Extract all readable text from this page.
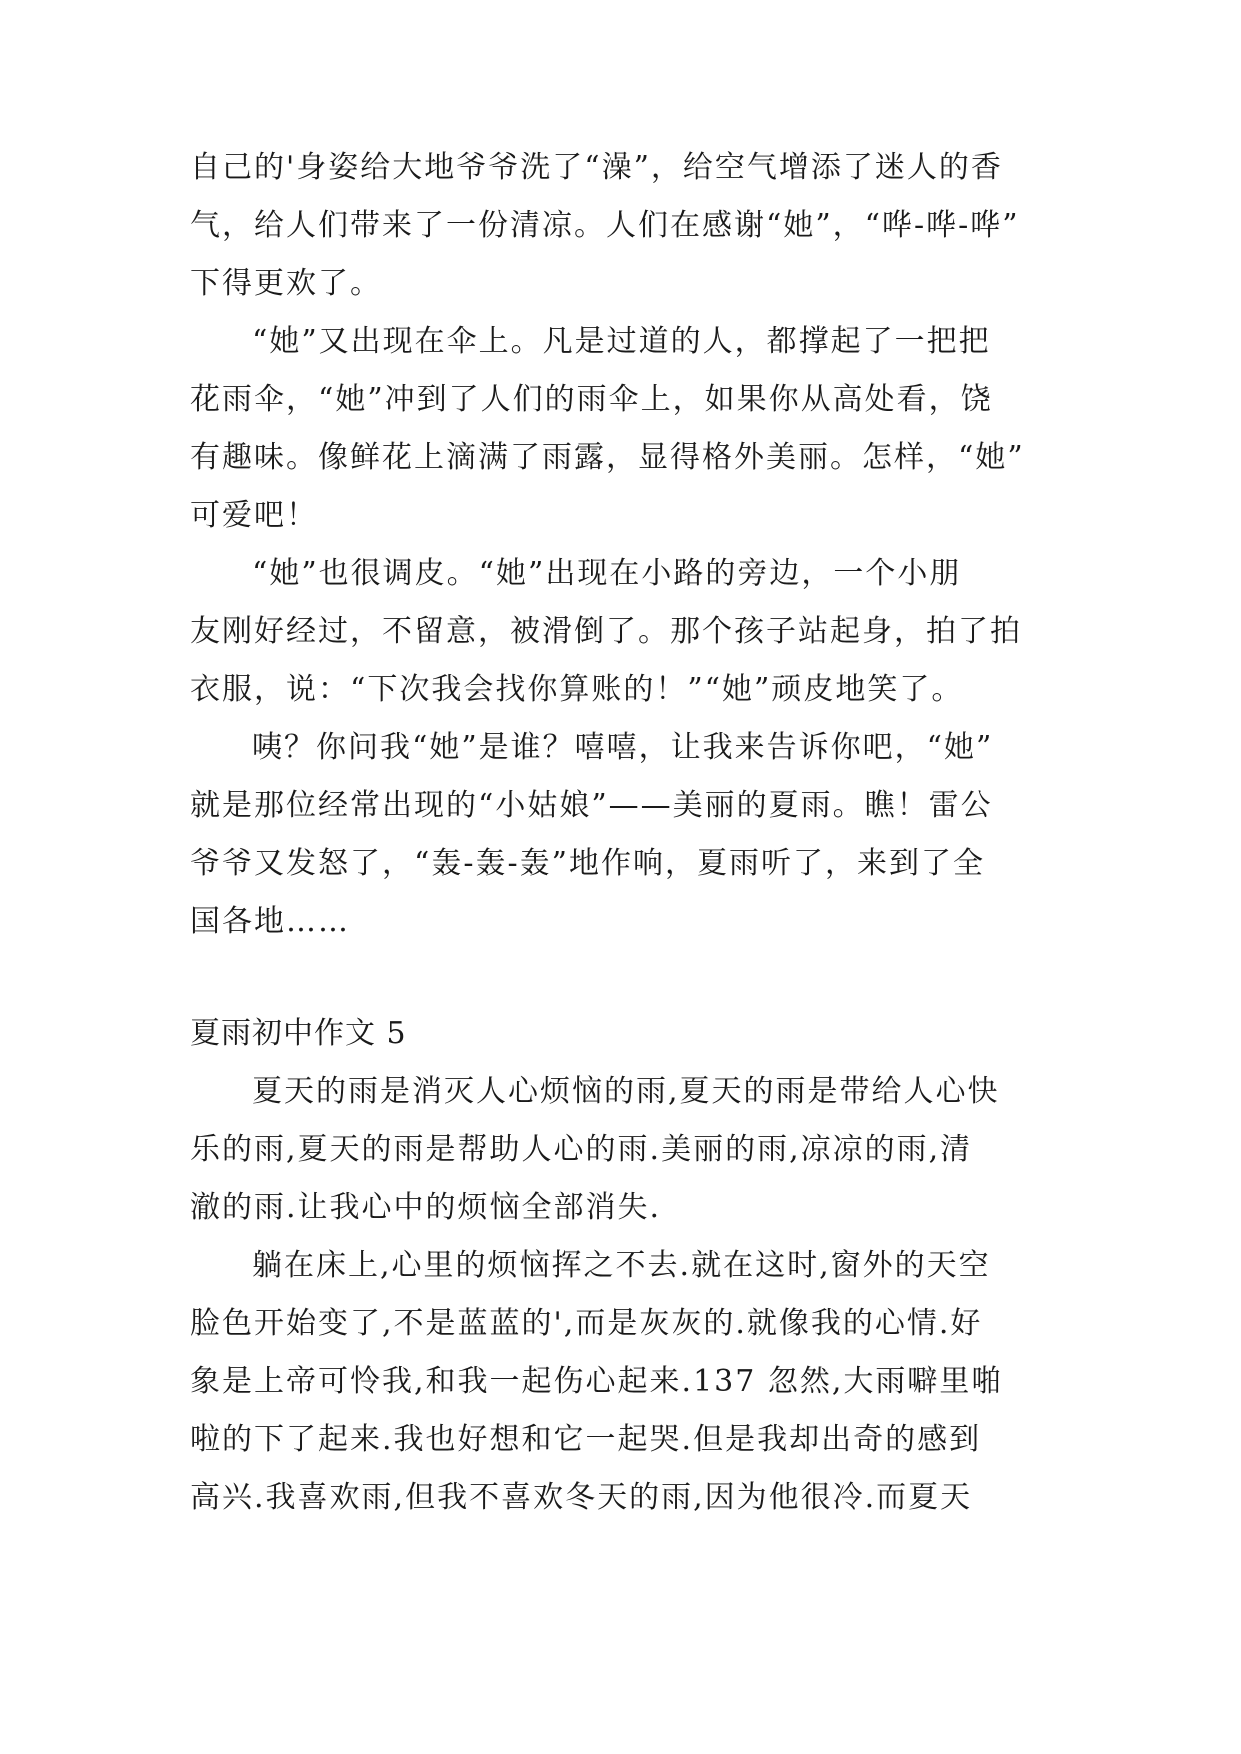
自己的'身姿给大地爷爷洗了“澡”，给空气增添了迷人的香
气，给人们带来了一份清凉。人们在感谢“她”，“哗-哗-哗”
下得更欢了。
“她”又出现在伞上。凡是过道的人，都撑起了一把把
花雨伞，“她”冲到了人们的雨伞上，如果你从高处看，饶
有趣味。像鲜花上滴满了雨露，显得格外美丽。怎样，“她”
可爱吧！
“她”也很调皮。“她”出现在小路的旁边，一个小朋
友刚好经过，不留意，被滑倒了。那个孩子站起身，拍了拍
衣服，说：“下次我会找你算账的！”“她”顽皮地笑了。
咦？你问我“她”是谁？嘻嘻，让我来告诉你吧，“她”
就是那位经常出现的“小姑娘”——美丽的夏雨。瞧！雷公
爷爷又发怒了，“轰-轰-轰”地作响，夏雨听了，来到了全
国各地……
夏雨初中作文 5
夏天的雨是消灭人心烦恼的雨,夏天的雨是带给人心快
乐的雨,夏天的雨是帮助人心的雨.美丽的雨,凉凉的雨,清
澈的雨.让我心中的烦恼全部消失.
躺在床上,心里的烦恼挥之不去.就在这时,窗外的天空
脸色开始变了,不是蓝蓝的',而是灰灰的.就像我的心情.好
象是上帝可怜我,和我一起伤心起来.137 忽然,大雨噼里啪
啦的下了起来.我也好想和它一起哭.但是我却出奇的感到
高兴.我喜欢雨,但我不喜欢冬天的雨,因为他很冷.而夏天
